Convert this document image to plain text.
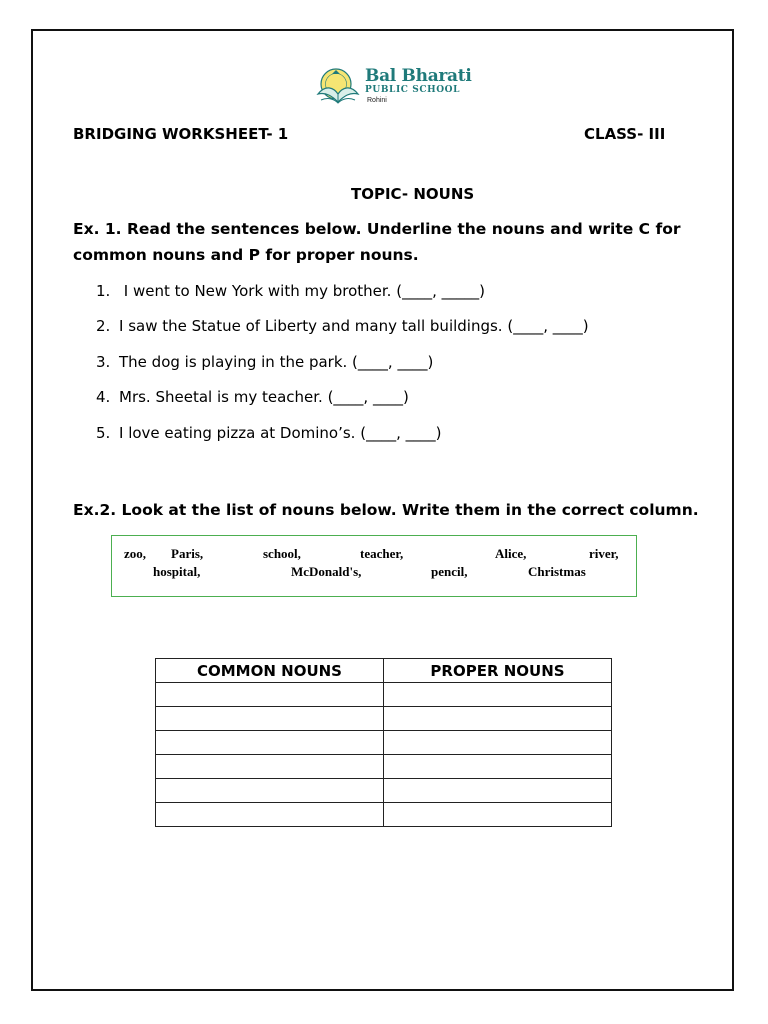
Bal Bharati
PUBLIC SCHOOL
Rohini
BRIDGING WORKSHEET- 1	CLASS- III
TOPIC- NOUNS
Ex. 1. Read the sentences below. Underline the nouns and write C for
common nouns and P for proper nouns.
1. I went to New York with my brother. (____, _____)
2. I saw the Statue of Liberty and many tall buildings. (____, ____)
3. The dog is playing in the park. (____, ____)
4. Mrs. Sheetal is my teacher. (____, ____)
5. I love eating pizza at Domino’s. (____, ____)
Ex.2. Look at the list of nouns below. Write them in the correct column.
zoo, Paris,	school,	teacher,	Alice,	river,
hospital,	McDonald's,	pencil,	Christmas
COMMON NOUNS	PROPER NOUNS
